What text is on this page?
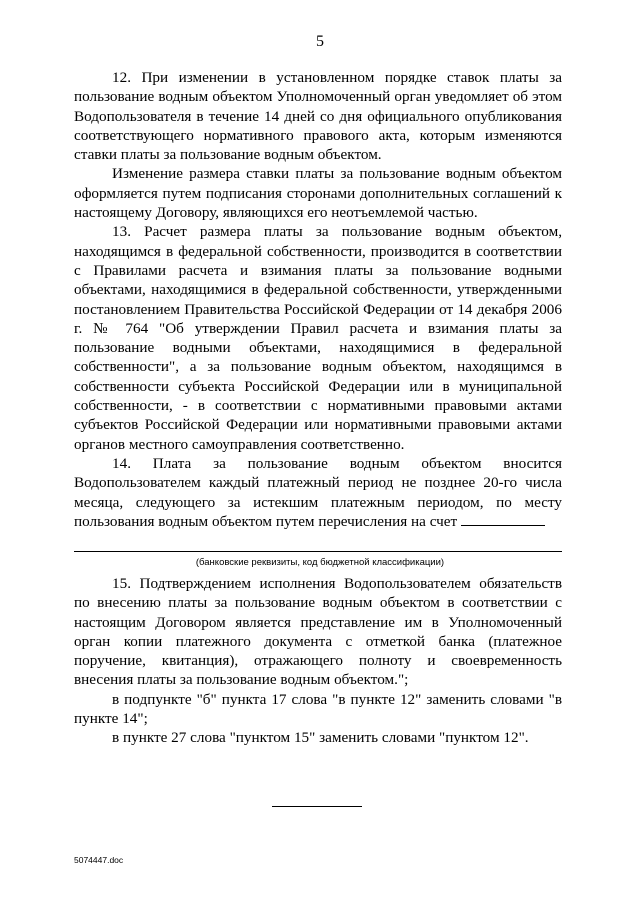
5

12. При изменении в установленном порядке ставок платы за пользование водным объектом Уполномоченный орган уведомляет об этом Водопользователя в течение 14 дней со дня официального опубликования соответствующего нормативного правового акта, которым изменяются ставки платы за пользование водным объектом.

Изменение размера ставки платы за пользование водным объектом оформляется путем подписания сторонами дополнительных соглашений к настоящему Договору, являющихся его неотъемлемой частью.

13. Расчет размера платы за пользование водным объектом, находящимся в федеральной собственности, производится в соответствии с Правилами расчета и взимания платы за пользование водными объектами, находящимися в федеральной собственности, утвержденными постановлением Правительства Российской Федерации от 14 декабря 2006 г. № 764 "Об утверждении Правил расчета и взимания платы за пользование водными объектами, находящимися в федеральной собственности", а за пользование водным объектом, находящимся в собственности субъекта Российской Федерации или в муниципальной собственности, - в соответствии с нормативными правовыми актами субъектов Российской Федерации или нормативными правовыми актами органов местного самоуправления соответственно.

14. Плата за пользование водным объектом вносится Водопользователем каждый платежный период не позднее 20-го числа месяца, следующего за истекшим платежным периодом, по месту пользования водным объектом путем перечисления на счет

(банковские реквизиты, код бюджетной классификации)

15. Подтверждением исполнения Водопользователем обязательств по внесению платы за пользование водным объектом в соответствии с настоящим Договором является представление им в Уполномоченный орган копии платежного документа с отметкой банка (платежное поручение, квитанция), отражающего полноту и своевременность внесения платы за пользование водным объектом.";

в подпункте "б" пункта 17 слова "в пункте 12" заменить словами "в пункте 14";

в пункте 27 слова "пунктом 15" заменить словами "пунктом 12".

5074447.doc
